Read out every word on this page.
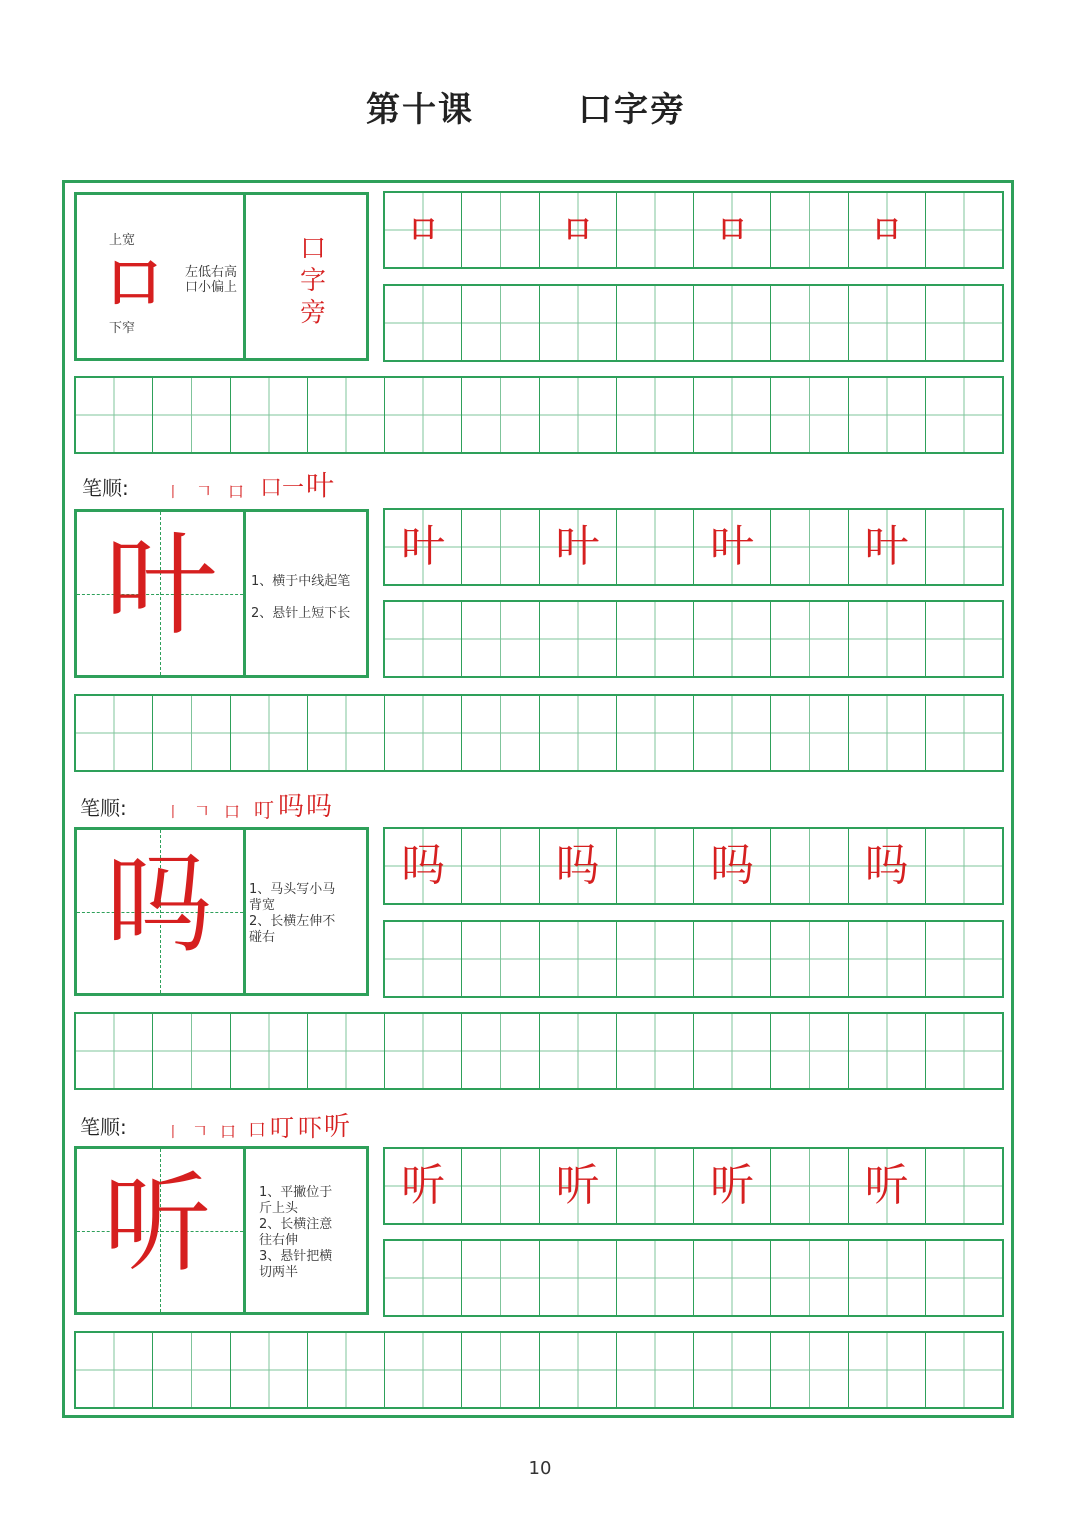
第十课	口字旁
上宽
口
下窄
左低右高
口小偏上
口
字
旁
口	口	口	口
笔顺:	丨 𠃍 口 口一 叶
叶	1、横于中线起笔
2、悬针上短下长
叶	叶	叶	叶
笔顺:	丨 𠃍 口 叮 吗 吗
吗	1、马头写小马
背宽
2、长横左伸不
碰右
吗	吗	吗	吗
笔顺:	丨 𠃍 口 口 叮 吓 听
听	1、平撇位于
斤上头
2、长横注意
往右伸
3、悬针把横
切两半
听	听	听	听
10
